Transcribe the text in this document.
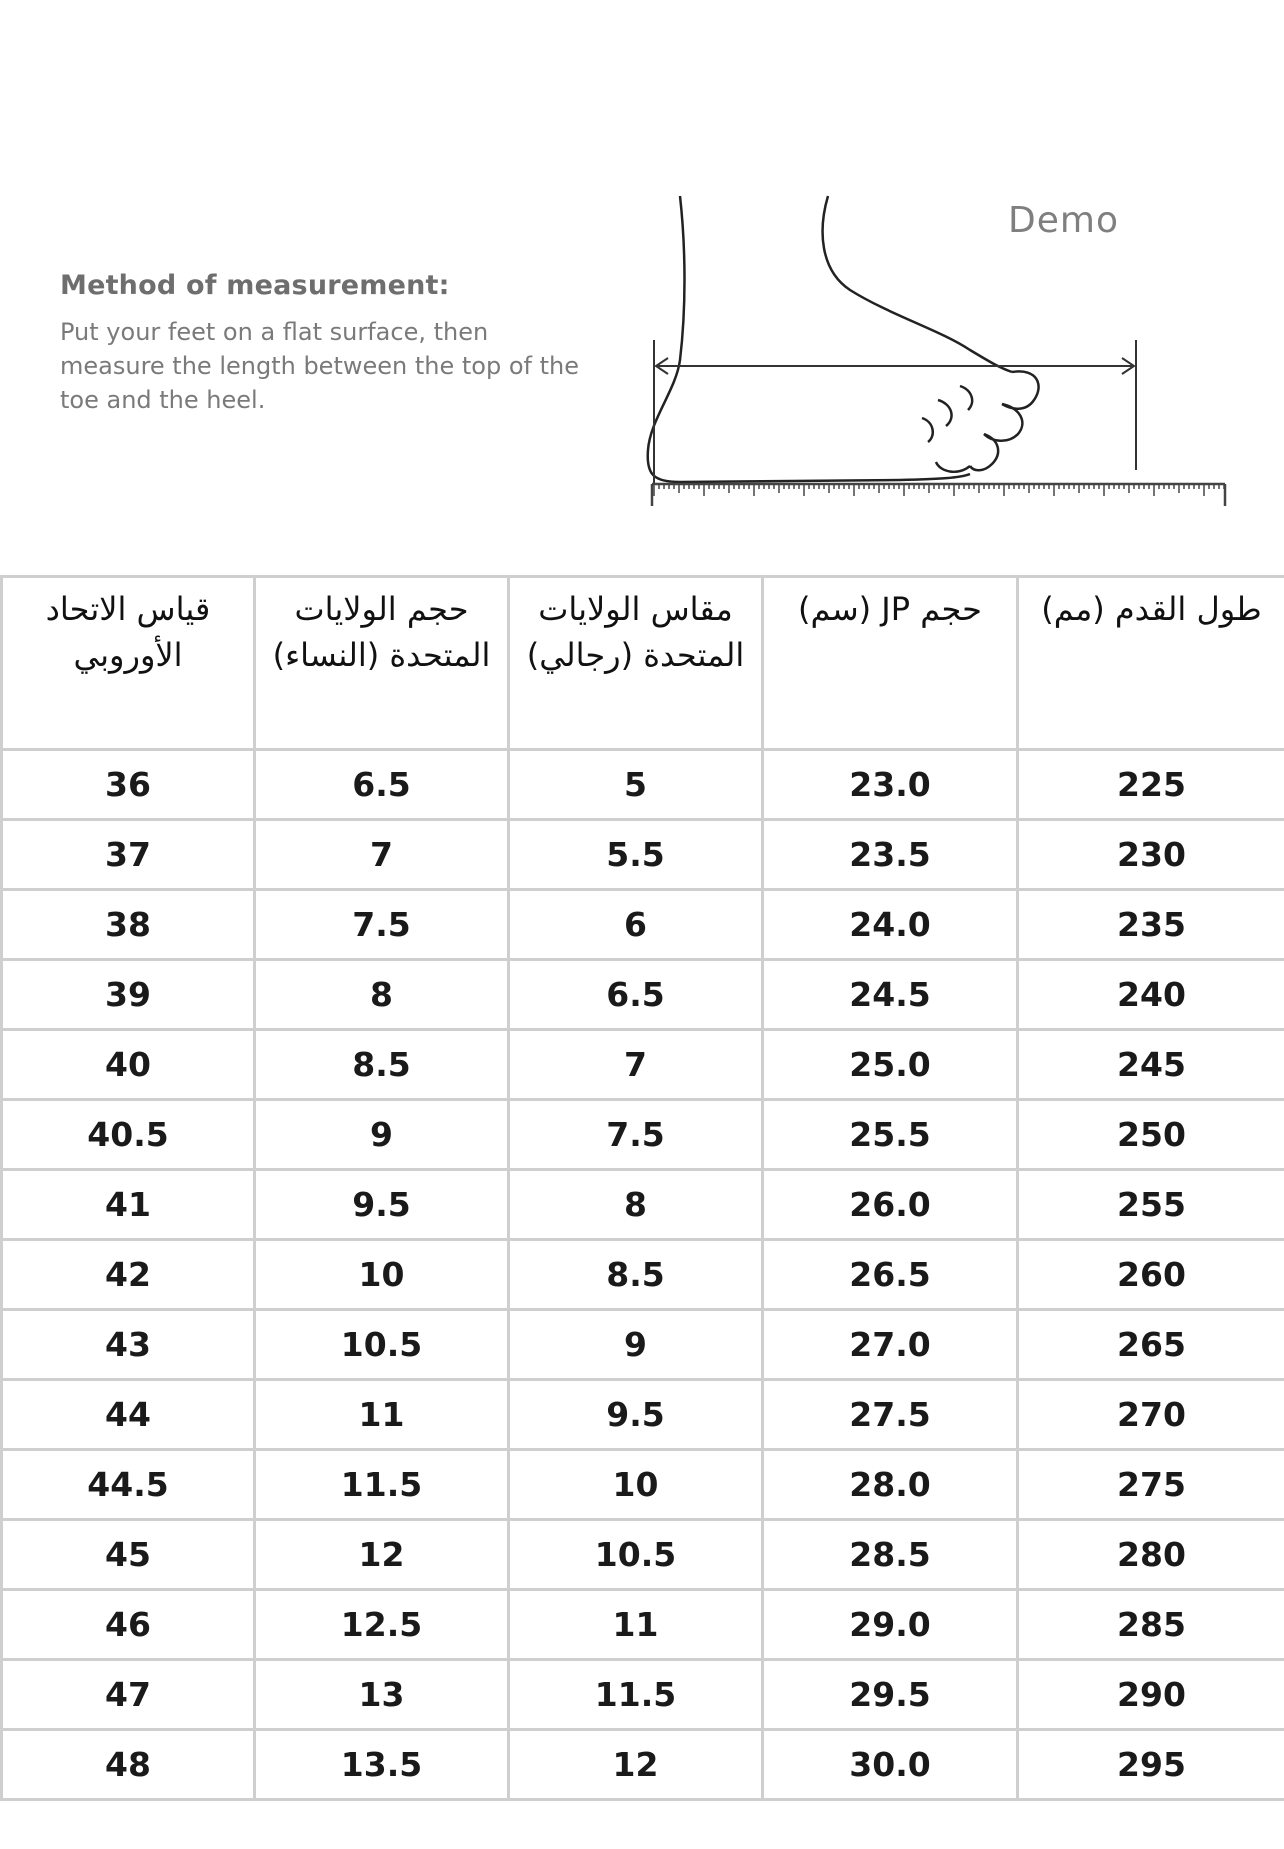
Method of measurement:
Put your feet on a flat surface, then measure the length between the top of the toe and the heel.
Demo
طول القدم (مم)	حجم JP (سم)	مقاس الولايات المتحدة (رجالي)	حجم الولايات المتحدة (النساء)	قياس الاتحاد الأوروبي
225	23.0	5	6.5	36
230	23.5	5.5	7	37
235	24.0	6	7.5	38
240	24.5	6.5	8	39
245	25.0	7	8.5	40
250	25.5	7.5	9	40.5
255	26.0	8	9.5	41
260	26.5	8.5	10	42
265	27.0	9	10.5	43
270	27.5	9.5	11	44
275	28.0	10	11.5	44.5
280	28.5	10.5	12	45
285	29.0	11	12.5	46
290	29.5	11.5	13	47
295	30.0	12	13.5	48
